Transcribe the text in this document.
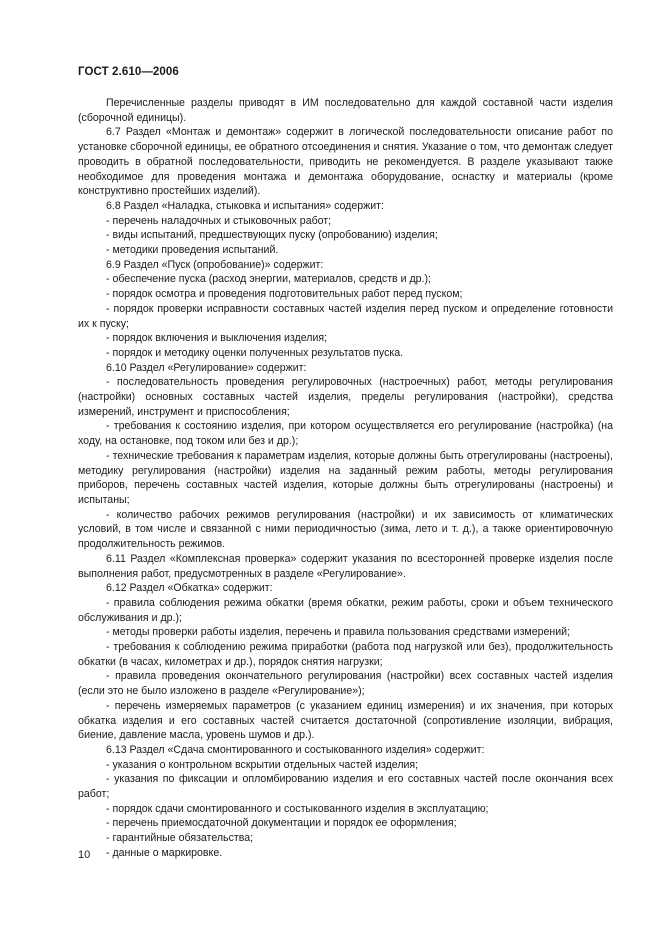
ГОСТ 2.610—2006

Перечисленные разделы приводят в ИМ последовательно для каждой составной части изделия (сборочной единицы).

6.7 Раздел «Монтаж и демонтаж» содержит в логической последовательности описание работ по установке сборочной единицы, ее обратного отсоединения и снятия. Указание о том, что демонтаж следует проводить в обратной последовательности, приводить не рекомендуется. В разделе указывают также необходимое для проведения монтажа и демонтажа оборудование, оснастку и материалы (кроме конструктивно простейших изделий).

6.8 Раздел «Наладка, стыковка и испытания» содержит:

- перечень наладочных и стыковочных работ;

- виды испытаний, предшествующих пуску (опробованию) изделия;

- методики проведения испытаний.

6.9 Раздел «Пуск (опробование)» содержит:

- обеспечение пуска (расход энергии, материалов, средств и др.);

- порядок осмотра и проведения подготовительных работ перед пуском;

- порядок проверки исправности составных частей изделия перед пуском и определение готовности их к пуску;

- порядок включения и выключения изделия;

- порядок и методику оценки полученных результатов пуска.

6.10 Раздел «Регулирование» содержит:

- последовательность проведения регулировочных (настроечных) работ, методы регулирования (настройки) основных составных частей изделия, пределы регулирования (настройки), средства измерений, инструмент и приспособления;

- требования к состоянию изделия, при котором осуществляется его регулирование (настройка) (на ходу, на остановке, под током или без и др.);

- технические требования к параметрам изделия, которые должны быть отрегулированы (настроены), методику регулирования (настройки) изделия на заданный режим работы, методы регулирования приборов, перечень составных частей изделия, которые должны быть отрегулированы (настроены) и испытаны;

- количество рабочих режимов регулирования (настройки) и их зависимость от климатических условий, в том числе и связанной с ними периодичностью (зима, лето и т. д.), а также ориентировочную продолжительность режимов.

6.11 Раздел «Комплексная проверка» содержит указания по всесторонней проверке изделия после выполнения работ, предусмотренных в разделе «Регулирование».

6.12 Раздел «Обкатка» содержит:

- правила соблюдения режима обкатки (время обкатки, режим работы, сроки и объем технического обслуживания и др.);

- методы проверки работы изделия, перечень и правила пользования средствами измерений;

- требования к соблюдению режима приработки (работа под нагрузкой или без), продолжительность обкатки (в часах, километрах и др.), порядок снятия нагрузки;

- правила проведения окончательного регулирования (настройки) всех составных частей изделия (если это не было изложено в разделе «Регулирование»);

- перечень измеряемых параметров (с указанием единиц измерения) и их значения, при которых обкатка изделия и его составных частей считается достаточной (сопротивление изоляции, вибрация, биение, давление масла, уровень шумов и др.).

6.13 Раздел «Сдача смонтированного и состыкованного изделия» содержит:

- указания о контрольном вскрытии отдельных частей изделия;

- указания по фиксации и опломбированию изделия и его составных частей после окончания всех работ;

- порядок сдачи смонтированного и состыкованного изделия в эксплуатацию;

- перечень приемосдаточной документации и порядок ее оформления;

- гарантийные обязательства;

- данные о маркировке.

10
